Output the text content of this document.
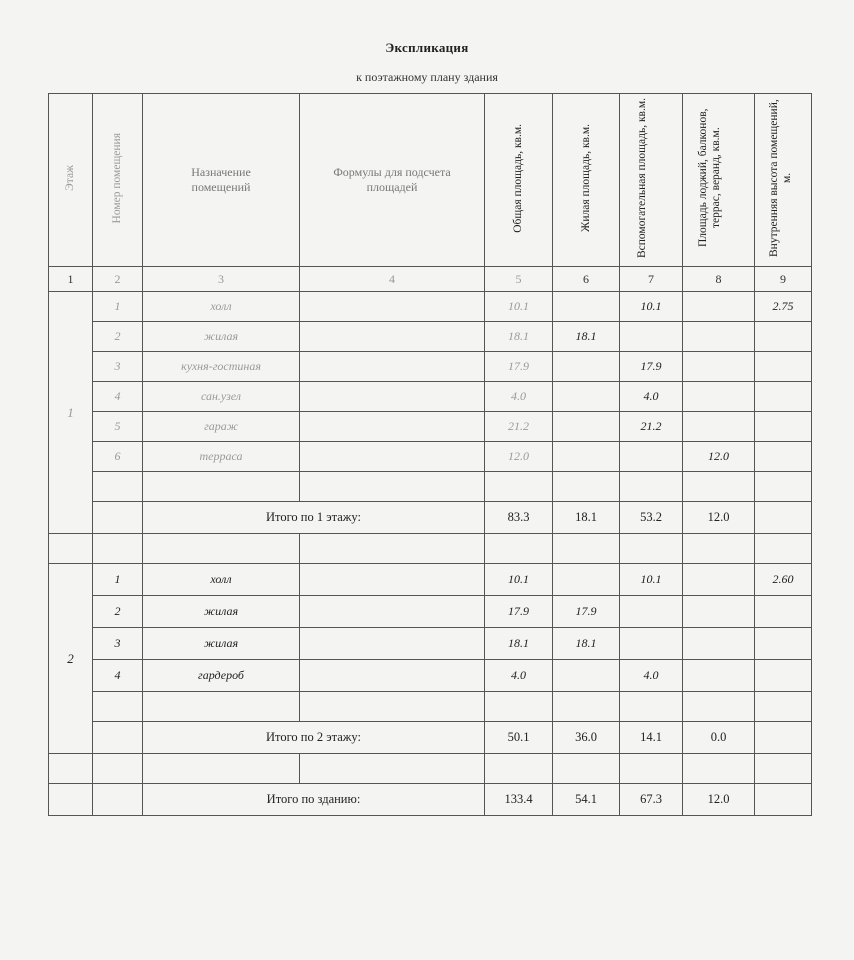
Экспликация
к поэтажному плану здания
Этаж	Номер помещения	Назначение помещений	Формулы для подсчета площадей	Общая площадь, кв.м.	Жилая площадь, кв.м.	Вспомогательная площадь, кв.м.	Площадь лоджий, балконов, террас, веранд, кв.м.	Внутренняя высота помещений, м.
1	2	3	4	5	6	7	8	9
1	1	холл		10.1		10.1		2.75
	2	жилая		18.1	18.1			
	3	кухня-гостиная		17.9		17.9		
	4	сан.узел		4.0		4.0		
	5	гараж		21.2		21.2		
	6	терраса		12.0			12.0	

		Итого по 1 этажу:		83.3	18.1	53.2	12.0	

2	1	холл		10.1		10.1		2.60
	2	жилая		17.9	17.9			
	3	жилая		18.1	18.1			
	4	гардероб		4.0		4.0		

		Итого по 2 этажу:		50.1	36.0	14.1	0.0	

		Итого по зданию:		133.4	54.1	67.3	12.0	
